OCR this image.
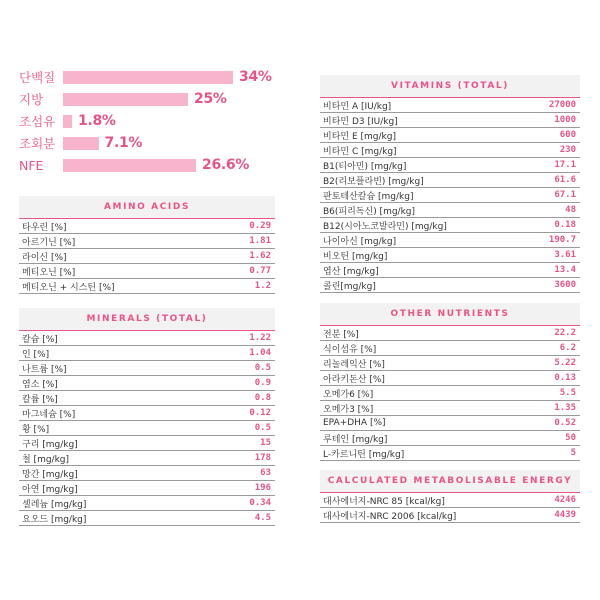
단백질	34%
지방	25%
조섬유	1.8%
조회분	7.1%
NFE	26.6%
AMINO ACIDS
타우린 [%]	0.29
아르기닌 [%]	1.81
라이신 [%]	1.62
메티오닌 [%]	0.77
메티오닌 + 시스틴 [%]	1.2
MINERALS (TOTAL)
칼슘 [%]	1.22
인 [%]	1.04
나트륨 [%]	0.5
염소 [%]	0.9
칼륨 [%]	0.8
마그네슘 [%]	0.12
황 [%]	0.5
구리 [mg/kg]	15
철 [mg/kg]	178
망간 [mg/kg]	63
아연 [mg/kg]	196
셀레늄 [mg/kg]	0.34
요오드 [mg/kg]	4.5
VITAMINS (TOTAL)
비타민 A [IU/kg]	27000
비타민 D3 [IU/kg]	1000
비타민 E [mg/kg]	600
비타민 C [mg/kg]	230
B1(티아민) [mg/kg]	17.1
B2(리보플라빈) [mg/kg]	61.6
판토테산칼슘 [mg/kg]	67.1
B6(피리독신) [mg/kg]	48
B12(시아노코발라민) [mg/kg]	0.18
나이아신 [mg/kg]	190.7
비오틴 [mg/kg]	3.61
엽산 [mg/kg]	13.4
콜린[mg/kg]	3600
OTHER NUTRIENTS
전분 [%]	22.2
식이섬유 [%]	6.2
리놀레익산 [%]	5.22
아라키돈산 [%]	0.13
오메가6 [%]	5.5
오메가3 [%]	1.35
EPA+DHA [%]	0.52
루테인 [mg/kg]	50
L-카르니틴 [mg/kg]	5
CALCULATED METABOLISABLE ENERGY
대사에너지-NRC 85 [kcal/kg]	4246
대사에너지-NRC 2006 [kcal/kg]	4439
